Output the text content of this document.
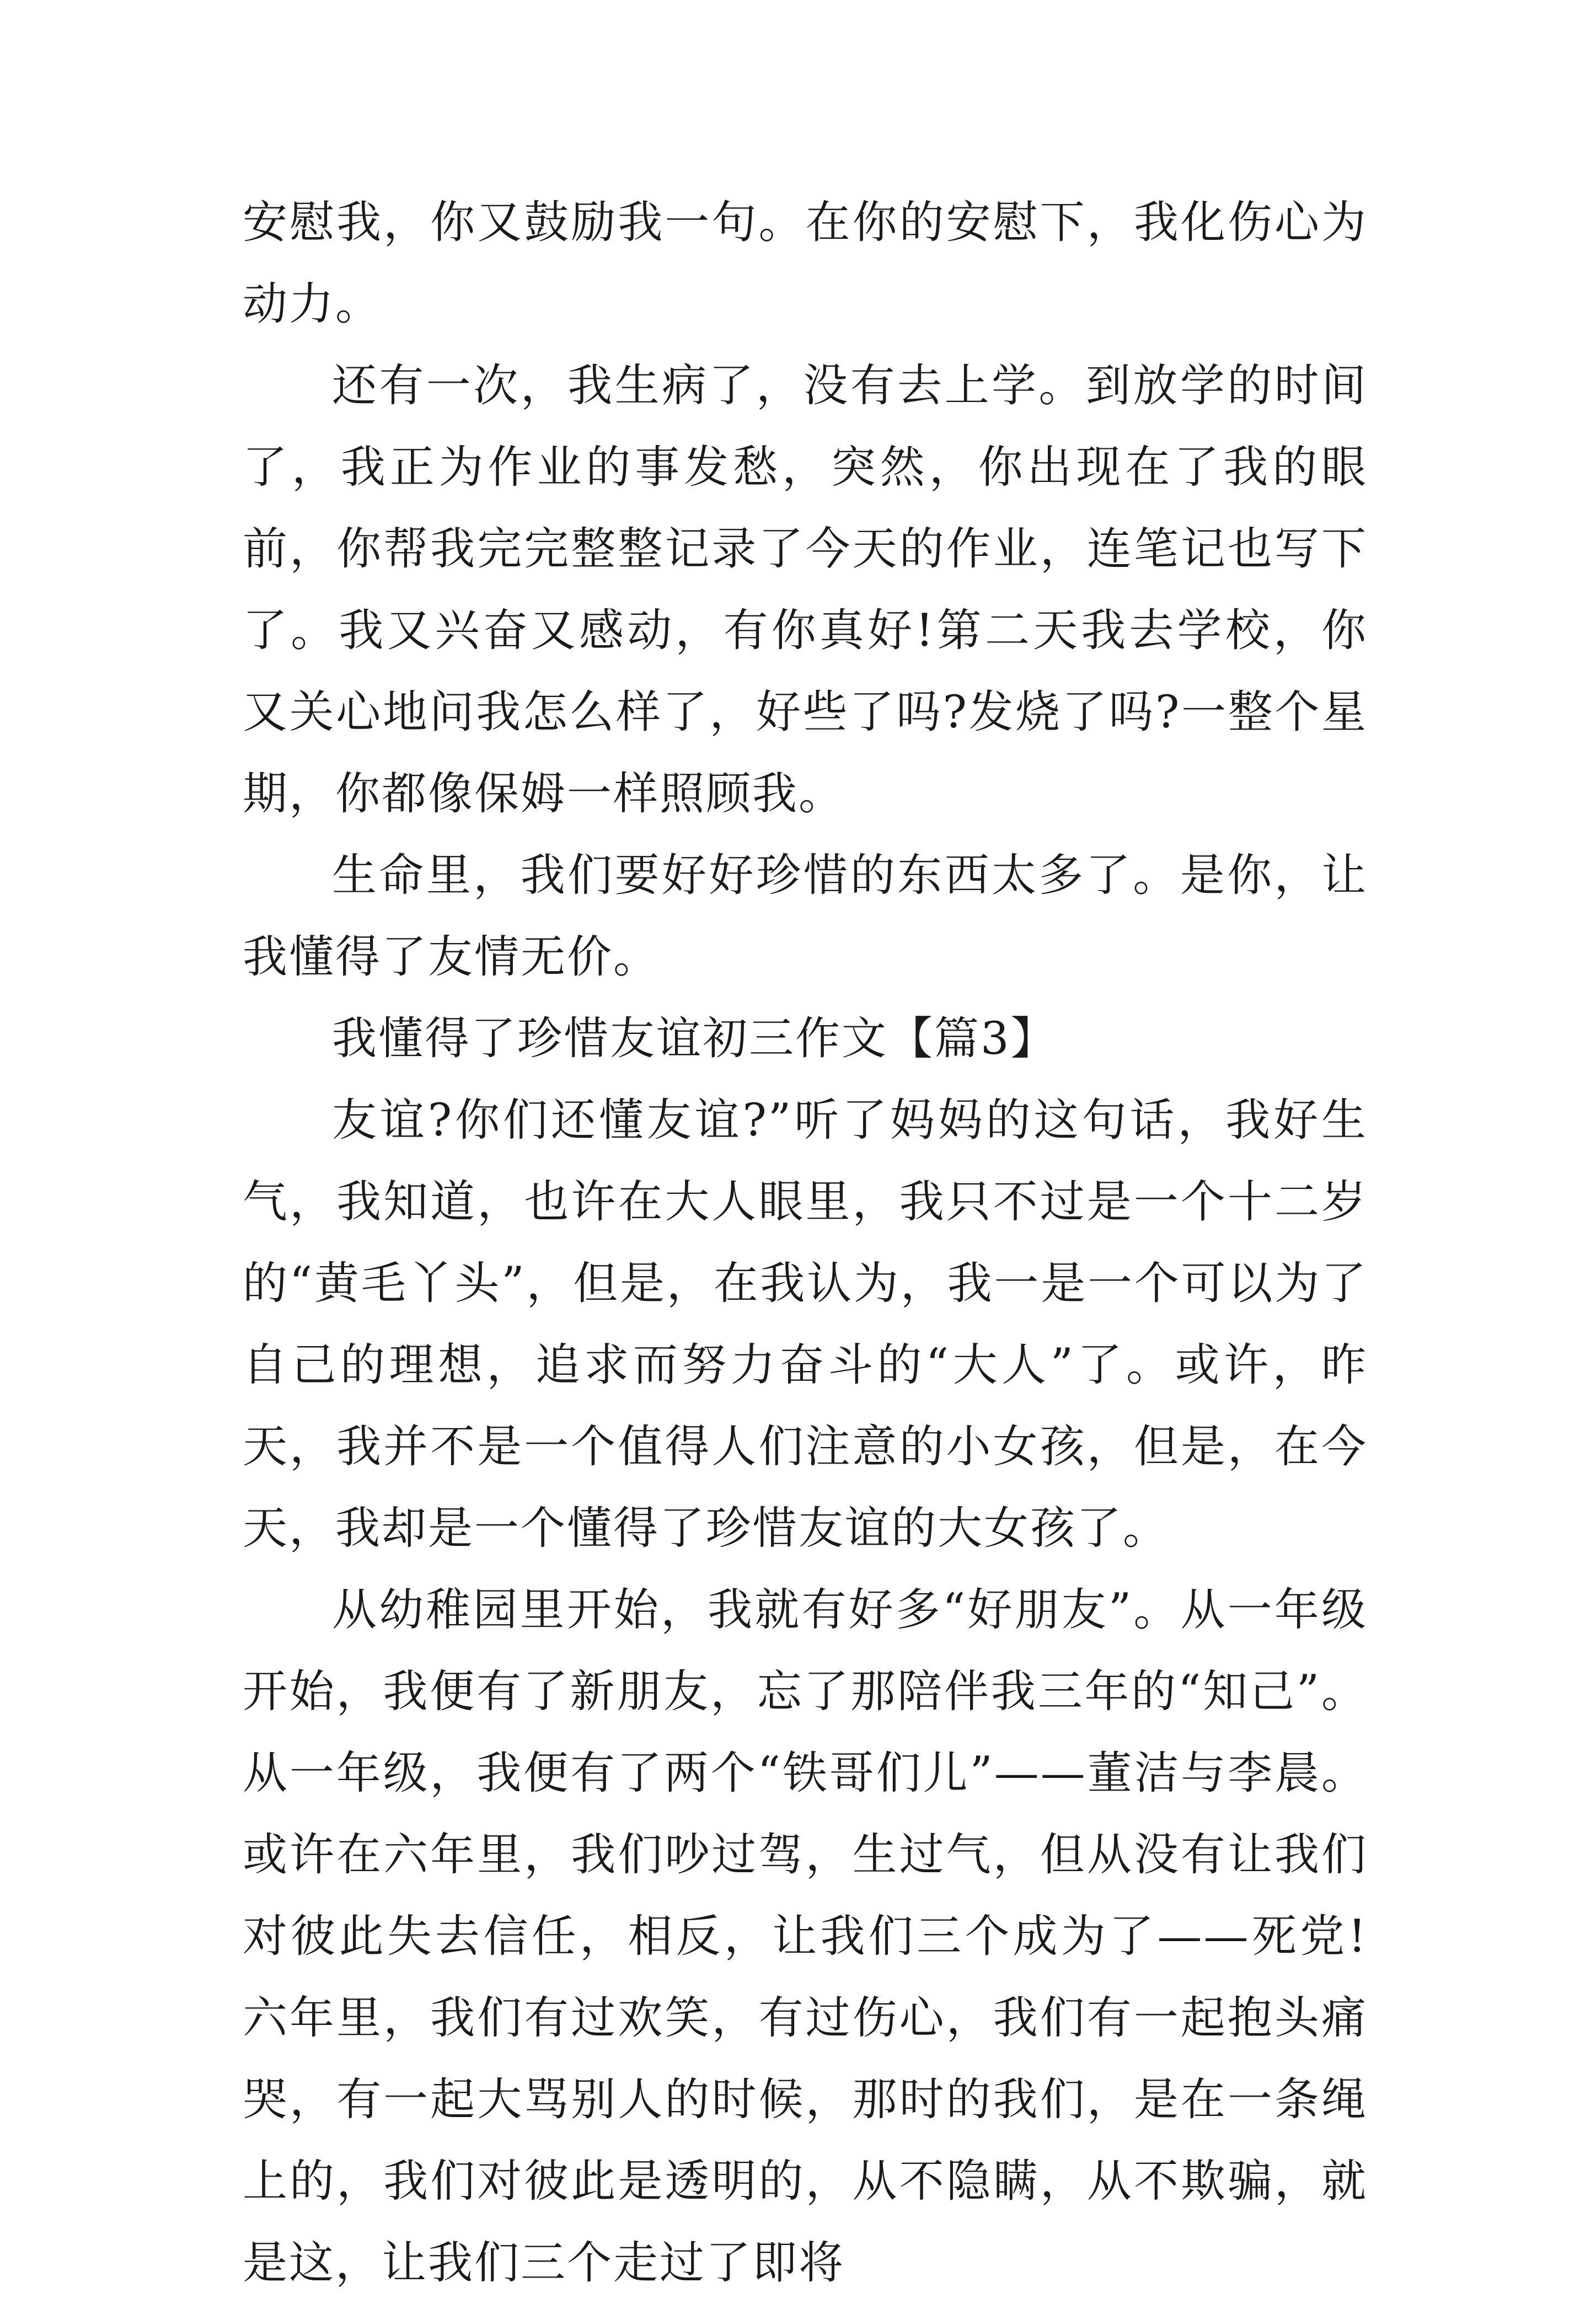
安慰我，你又鼓励我一句。在你的安慰下，我化伤心为动力。

还有一次，我生病了，没有去上学。到放学的时间了，我正为作业的事发愁，突然，你出现在了我的眼前，你帮我完完整整记录了今天的作业，连笔记也写下了。我又兴奋又感动，有你真好!第二天我去学校，你又关心地问我怎么样了，好些了吗?发烧了吗?一整个星期，你都像保姆一样照顾我。

生命里，我们要好好珍惜的东西太多了。是你，让我懂得了友情无价。

我懂得了珍惜友谊初三作文【篇3】

友谊?你们还懂友谊?”听了妈妈的这句话，我好生气，我知道，也许在大人眼里，我只不过是一个十二岁的“黄毛丫头”，但是，在我认为，我一是一个可以为了自己的理想，追求而努力奋斗的“大人”了。或许，昨天，我并不是一个值得人们注意的小女孩，但是，在今天，我却是一个懂得了珍惜友谊的大女孩了。

从幼稚园里开始，我就有好多“好朋友”。从一年级开始，我便有了新朋友，忘了那陪伴我三年的“知己”。从一年级，我便有了两个“铁哥们儿”——董洁与李晨。或许在六年里，我们吵过驾，生过气，但从没有让我们对彼此失去信任，相反，让我们三个成为了——死党!六年里，我们有过欢笑，有过伤心，我们有一起抱头痛哭，有一起大骂别人的时候，那时的我们，是在一条绳上的，我们对彼此是透明的，从不隐瞒，从不欺骗，就是这，让我们三个走过了即将
